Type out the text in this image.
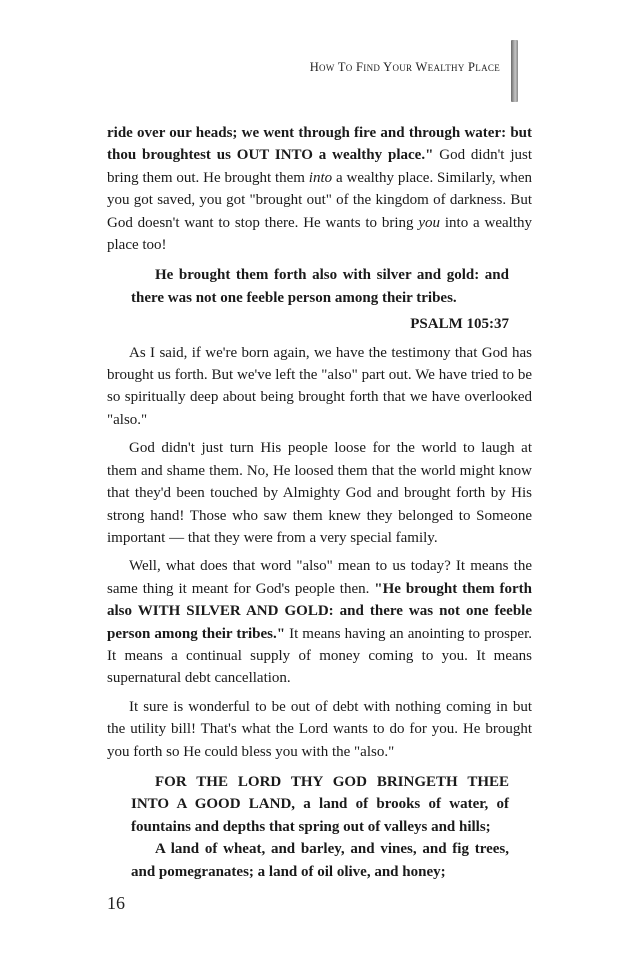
How To Find Your Wealthy Place

ride over our heads; we went through fire and through water: but thou broughtest us OUT INTO a wealthy place." God didn't just bring them out. He brought them into a wealthy place. Similarly, when you got saved, you got "brought out" of the kingdom of darkness. But God doesn't want to stop there. He wants to bring you into a wealthy place too!

He brought them forth also with silver and gold: and there was not one feeble person among their tribes.

PSALM 105:37

As I said, if we're born again, we have the testimony that God has brought us forth. But we've left the "also" part out. We have tried to be so spiritually deep about being brought forth that we have overlooked "also."

God didn't just turn His people loose for the world to laugh at them and shame them. No, He loosed them that the world might know that they'd been touched by Almighty God and brought forth by His strong hand! Those who saw them knew they belonged to Someone important — that they were from a very special family.

Well, what does that word "also" mean to us today? It means the same thing it meant for God's people then. "He brought them forth also WITH SILVER AND GOLD: and there was not one feeble person among their tribes." It means having an anointing to prosper. It means a continual supply of money coming to you. It means supernatural debt cancellation.

It sure is wonderful to be out of debt with nothing coming in but the utility bill! That's what the Lord wants to do for you. He brought you forth so He could bless you with the "also."

FOR THE LORD THY GOD BRINGETH THEE INTO A GOOD LAND, a land of brooks of water, of fountains and depths that spring out of valleys and hills;

A land of wheat, and barley, and vines, and fig trees, and pomegranates; a land of oil olive, and honey;

16
